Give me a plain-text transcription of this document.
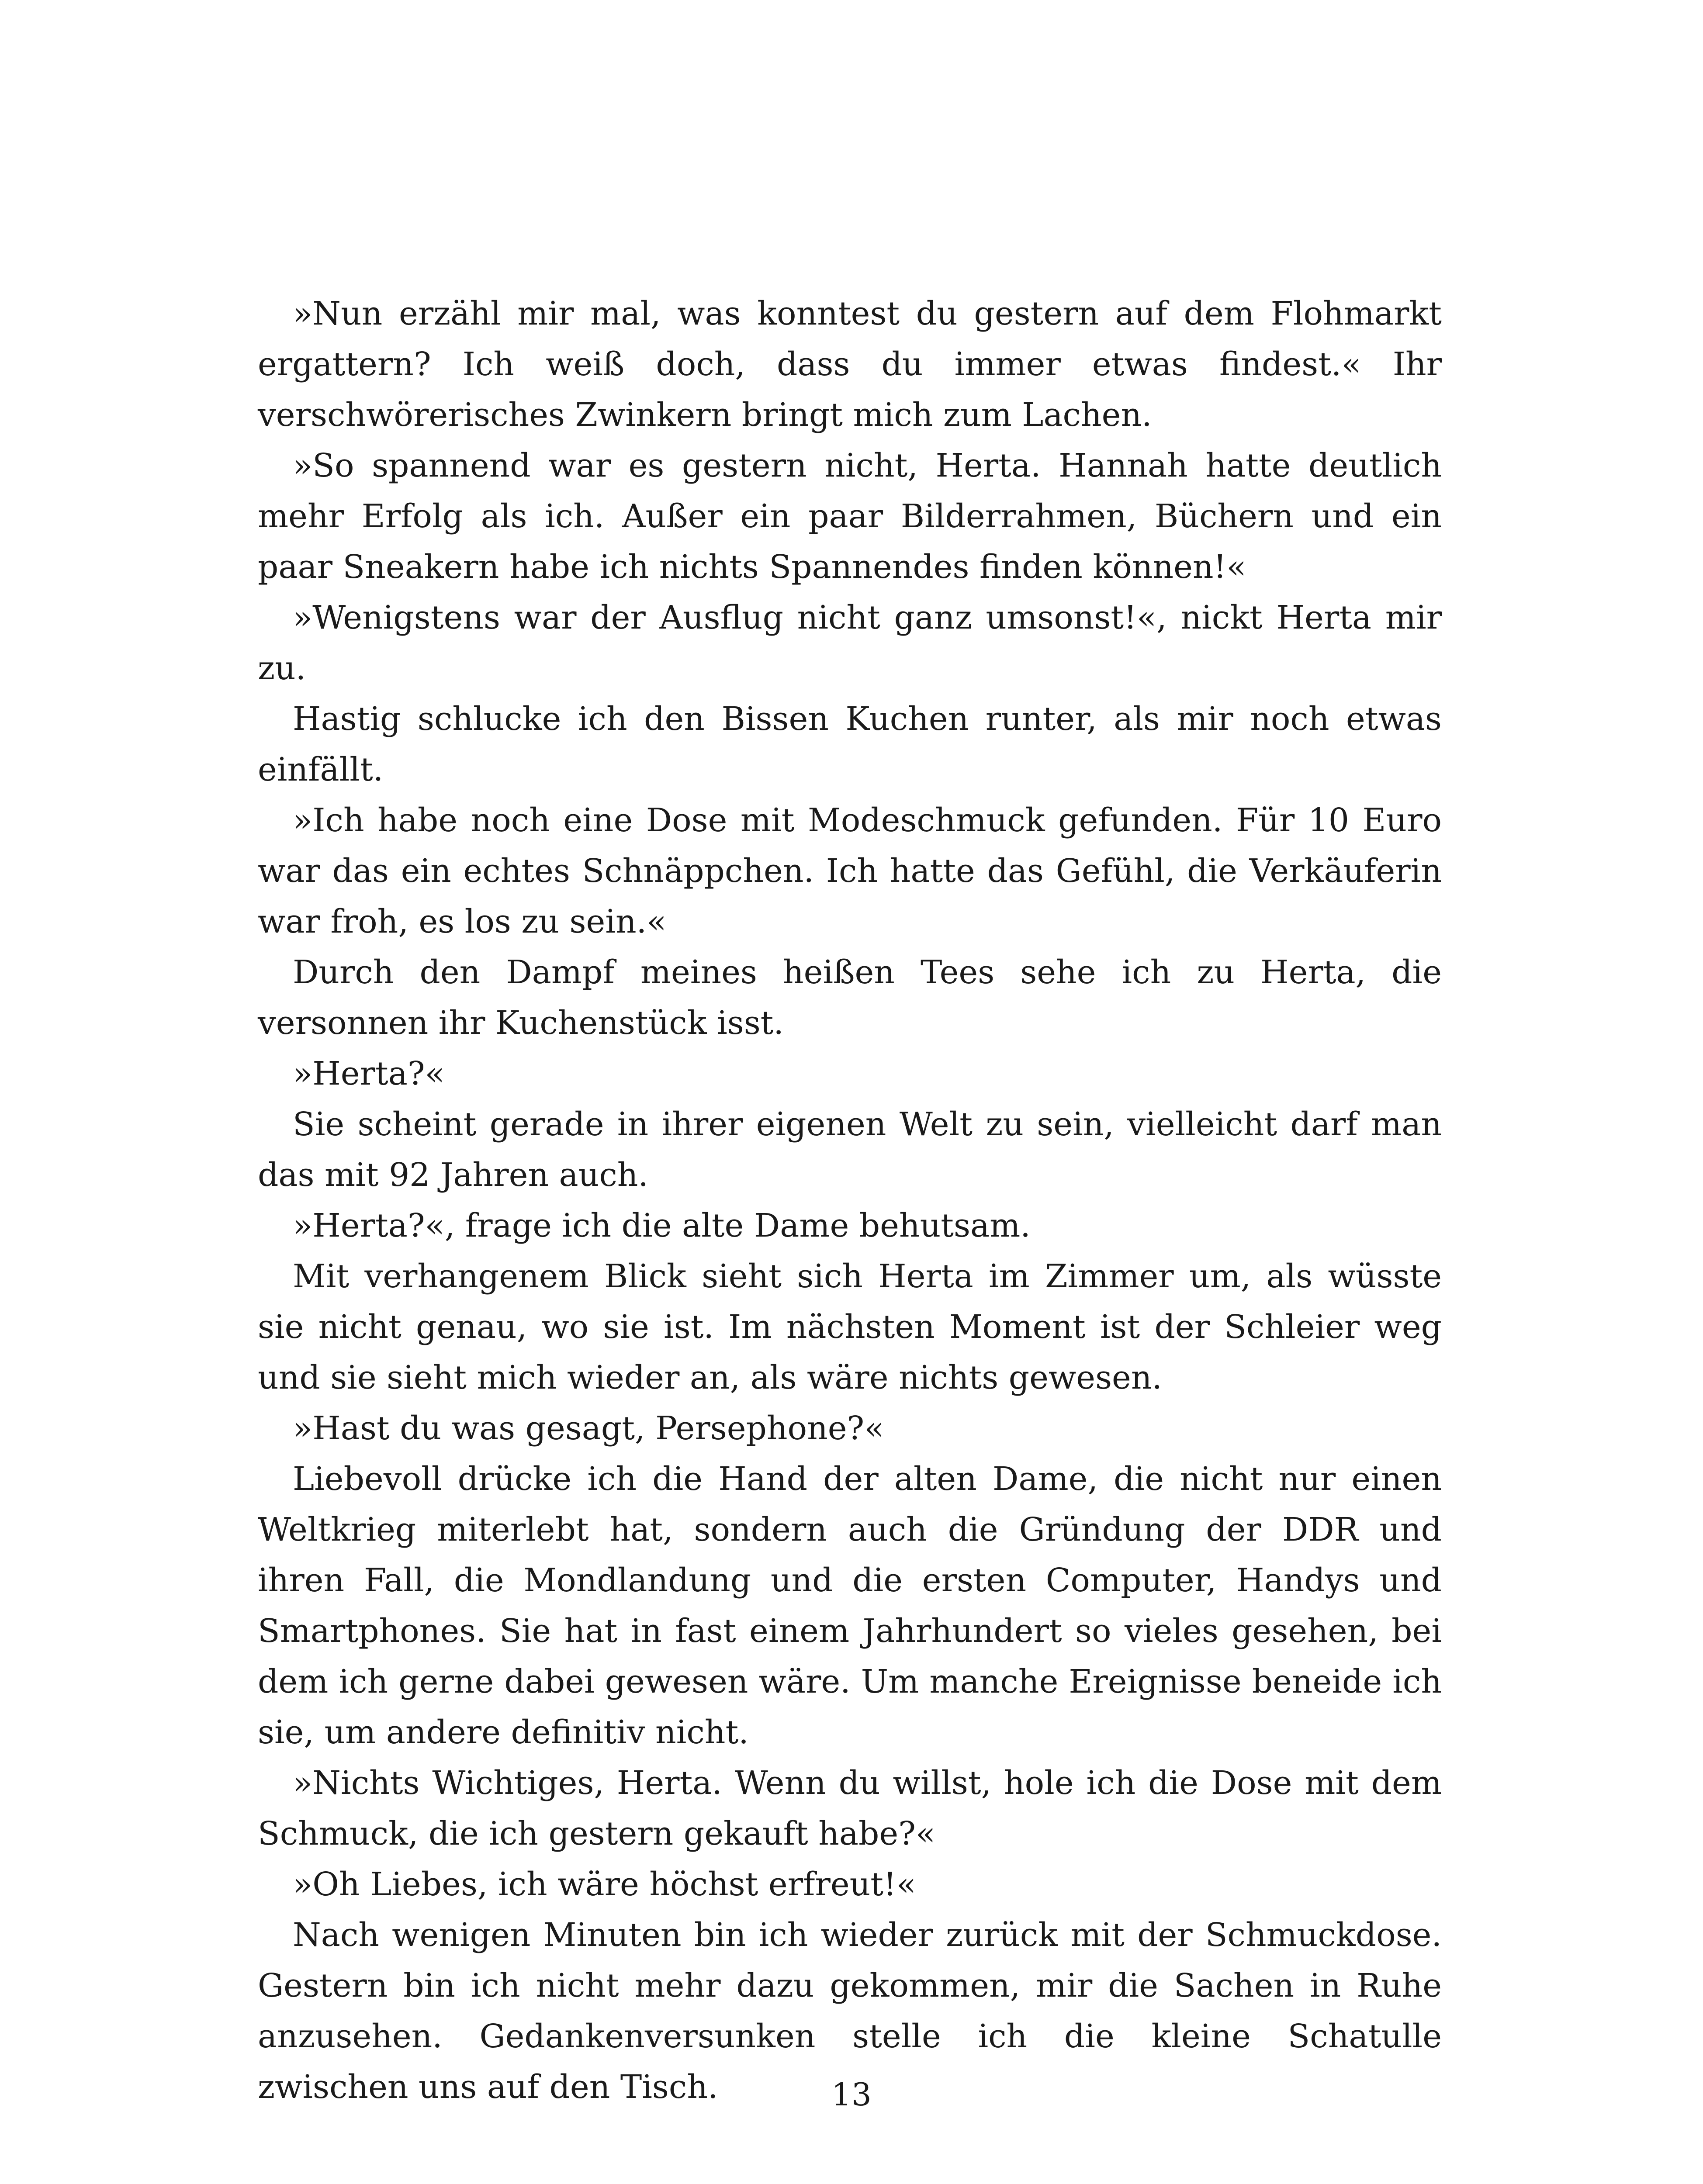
»Nun erzähl mir mal, was konntest du gestern auf dem Flohmarkt ergattern? Ich weiß doch, dass du immer etwas findest.« Ihr verschwörerisches Zwinkern bringt mich zum Lachen.

»So spannend war es gestern nicht, Herta. Hannah hatte deutlich mehr Erfolg als ich. Außer ein paar Bilderrahmen, Büchern und ein paar Sneakern habe ich nichts Spannendes finden können!«

»Wenigstens war der Ausflug nicht ganz umsonst!«, nickt Herta mir zu.

Hastig schlucke ich den Bissen Kuchen runter, als mir noch etwas einfällt.

»Ich habe noch eine Dose mit Modeschmuck gefunden. Für 10 Euro war das ein echtes Schnäppchen. Ich hatte das Gefühl, die Verkäuferin war froh, es los zu sein.«

Durch den Dampf meines heißen Tees sehe ich zu Herta, die versonnen ihr Kuchenstück isst.

»Herta?«

Sie scheint gerade in ihrer eigenen Welt zu sein, vielleicht darf man das mit 92 Jahren auch.

»Herta?«, frage ich die alte Dame behutsam.

Mit verhangenem Blick sieht sich Herta im Zimmer um, als wüsste sie nicht genau, wo sie ist. Im nächsten Moment ist der Schleier weg und sie sieht mich wieder an, als wäre nichts gewesen.

»Hast du was gesagt, Persephone?«

Liebevoll drücke ich die Hand der alten Dame, die nicht nur einen Weltkrieg miterlebt hat, sondern auch die Gründung der DDR und ihren Fall, die Mondlandung und die ersten Computer, Handys und Smartphones. Sie hat in fast einem Jahrhundert so vieles gesehen, bei dem ich gerne dabei gewesen wäre. Um manche Ereignisse beneide ich sie, um andere definitiv nicht.

»Nichts Wichtiges, Herta. Wenn du willst, hole ich die Dose mit dem Schmuck, die ich gestern gekauft habe?«

»Oh Liebes, ich wäre höchst erfreut!«

Nach wenigen Minuten bin ich wieder zurück mit der Schmuckdose. Gestern bin ich nicht mehr dazu gekommen, mir die Sachen in Ruhe anzusehen. Gedankenversunken stelle ich die kleine Schatulle zwischen uns auf den Tisch.	13
